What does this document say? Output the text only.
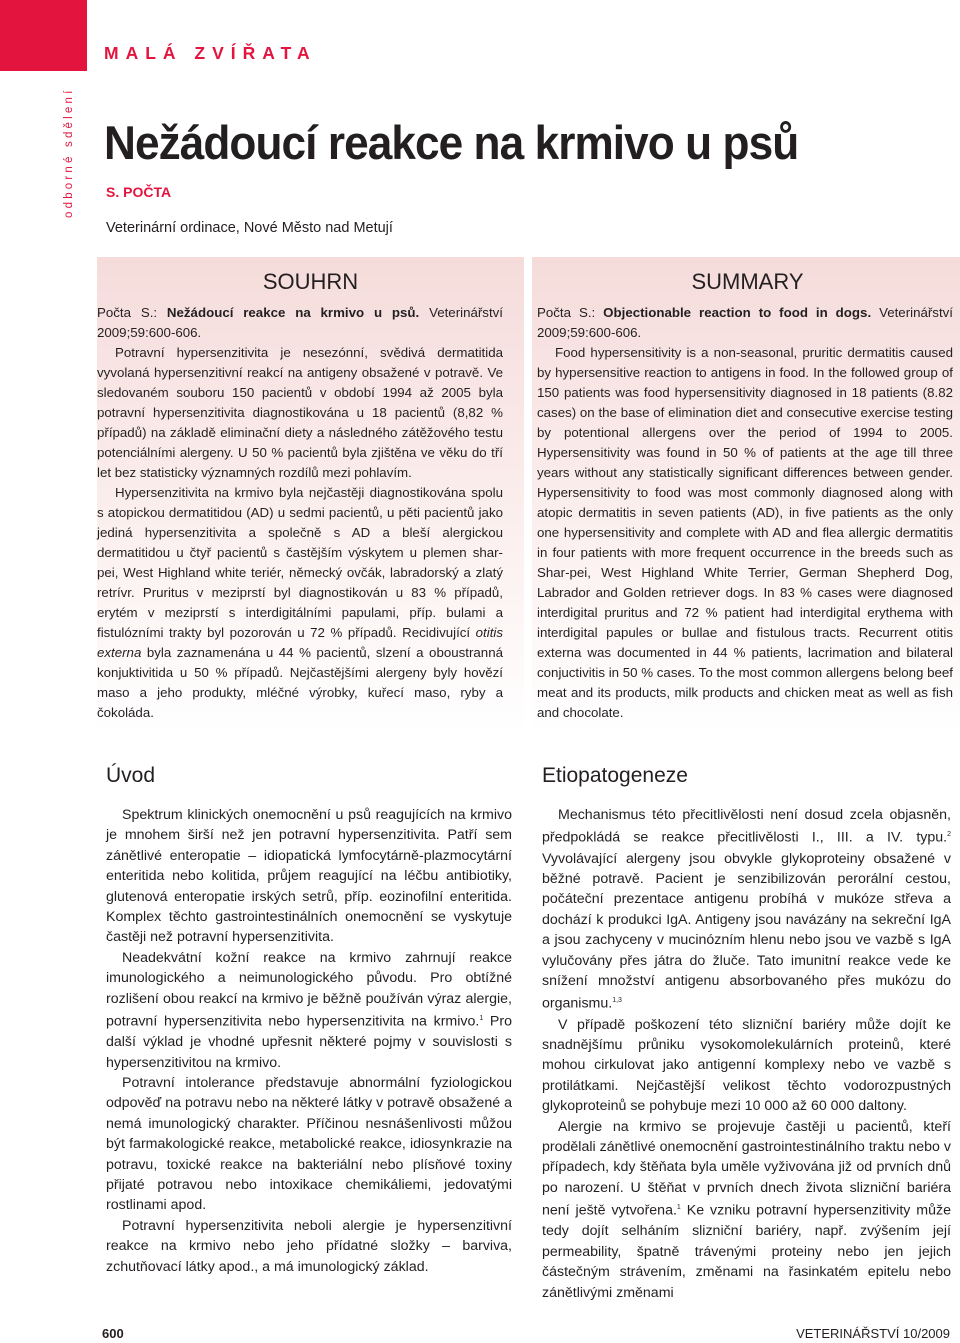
odborné sdělení
MALÁ ZVÍŘATA
Nežádoucí reakce na krmivo u psů
S. POČTA
Veterinární ordinace, Nové Město nad Metují
SOUHRN

Počta S.: Nežádoucí reakce na krmivo u psů. Veterinářství 2009;59:600-606.

Potravní hypersenzitivita je nesezónní, svědivá dermatitida vyvolaná hypersenzitivní reakcí na antigeny obsažené v potravě. Ve sledovaném souboru 150 pacientů v období 1994 až 2005 byla potravní hypersenzitivita diagnostikována u 18 pacientů (8,82 % případů) na základě eliminační diety a následného zátěžového testu potenciálními alergeny. U 50 % pacientů byla zjištěna ve věku do tří let bez statisticky významných rozdílů mezi pohlavím.

Hypersenzitivita na krmivo byla nejčastěji diagnostikována spolu s atopickou dermatitidou (AD) u sedmi pacientů, u pěti pacientů jako jediná hypersenzitivita a společně s AD a bleší alergickou dermatitidou u čtyř pacientů s častějším výskytem u plemen shar-pei, West Highland white teriér, německý ovčák, labradorský a zlatý retrívr. Pruritus v meziprstí byl diagnostikován u 83 % případů, erytém v meziprstí s interdigitálními papulami, příp. bulami a fistulózními trakty byl pozorován u 72 % případů. Recidivující otitis externa byla zaznamenána u 44 % pacientů, slzení a oboustranná konjuktivitida u 50 % případů. Nejčastějšími alergeny byly hovězí maso a jeho produkty, mléčné výrobky, kuřecí maso, ryby a čokoláda.

SUMMARY

Počta S.: Objectionable reaction to food in dogs. Veterinářství 2009;59:600-606.

Food hypersensitivity is a non-seasonal, pruritic dermatitis caused by hypersensitive reaction to antigens in food. In the followed group of 150 patients was food hypersensitivity diagnosed in 18 patients (8.82 cases) on the base of elimination diet and consecutive exercise testing by potentional allergens over the period of 1994 to 2005. Hypersensitivity was found in 50 % of patients at the age till three years without any statistically significant differences between gender. Hypersensitivity to food was most commonly diagnosed along with atopic dermatitis in seven patients (AD), in five patients as the only one hypersensitivity and complete with AD and flea allergic dermatitis in four patients with more frequent occurrence in the breeds such as Shar-pei, West Highland White Terrier, German Shepherd Dog, Labrador and Golden retriever dogs. In 83 % cases were diagnosed interdigital pruritus and 72 % patient had interdigital erythema with interdigital papules or bullae and fistulous tracts. Recurrent otitis externa was documented in 44 % patients, lacrimation and bilateral conjuctivitis in 50 % cases. To the most common allergens belong beef meat and its products, milk products and chicken meat as well as fish and chocolate.

Úvod	Etiopatogeneze

Spektrum klinických onemocnění u psů reagujících na krmivo je mnohem širší než jen potravní hypersenzitivita. Patří sem zánětlivé enteropatie – idiopatická lymfocytárně-plazmocytární enteritida nebo kolitida, průjem reagující na léčbu antibiotiky, glutenová enteropatie irských setrů, příp. eozinofilní enteritida. Komplex těchto gastrointestinálních onemocnění se vyskytuje častěji než potravní hypersenzitivita.

Neadekvátní kožní reakce na krmivo zahrnují reakce imunologického a neimunologického původu. Pro obtížné rozlišení obou reakcí na krmivo je běžně používán výraz alergie, potravní hypersenzitivita nebo hypersenzitivita na krmivo.$^1$ Pro další výklad je vhodné upřesnit některé pojmy v souvislosti s hypersenzitivitou na krmivo.

Potravní intolerance představuje abnormální fyziologickou odpověď na potravu nebo na některé látky v potravě obsažené a nemá imunologický charakter. Příčinou nesnášenlivosti můžou být farmakologické reakce, metabolické reakce, idiosynkrazie na potravu, toxické reakce na bakteriální nebo plísňové toxiny přijaté potravou nebo intoxikace chemikáliemi, jedovatými rostlinami apod.

Potravní hypersenzitivita neboli alergie je hypersenzitivní reakce na krmivo nebo jeho přídatné složky – barviva, zchutňovací látky apod., a má imunologický základ.

Mechanismus této přecitlivělosti není dosud zcela objasněn, předpokládá se reakce přecitlivělosti I., III. a IV. typu.$^2$ Vyvolávající alergeny jsou obvykle glykoproteiny obsažené v běžné potravě. Pacient je senzibilizován perorální cestou, počáteční prezentace antigenu probíhá v mukóze střeva a dochází k produkci IgA. Antigeny jsou navázány na sekreční IgA a jsou zachyceny v mucinózním hlenu nebo jsou ve vazbě s IgA vylučovány přes játra do žluče. Tato imunitní reakce vede ke snížení množství antigenu absorbovaného přes mukózu do organismu.$^{1,3}$

V případě poškození této slizniční bariéry může dojít ke snadnějšímu průniku vysokomolekulárních proteinů, které mohou cirkulovat jako antigenní komplexy nebo ve vazbě s protilátkami. Nejčastější velikost těchto vodorozpustných glykoproteinů se pohybuje mezi 10 000 až 60 000 daltony.

Alergie na krmivo se projevuje častěji u pacientů, kteří prodělali zánětlivé onemocnění gastrointestinálního traktu nebo v případech, kdy štěňata byla uměle vyživována již od prvních dnů po narození. U štěňat v prvních dnech života slizniční bariéra není ještě vytvořena.$^1$ Ke vzniku potravní hypersenzitivity může tedy dojít selháním slizniční bariéry, např. zvýšením její permeability, špatně trávenými proteiny nebo jen jejich částečným strávením, změnami na řasinkatém epitelu nebo zánětlivými změnami

600	VETERINÁŘSTVÍ 10/2009
